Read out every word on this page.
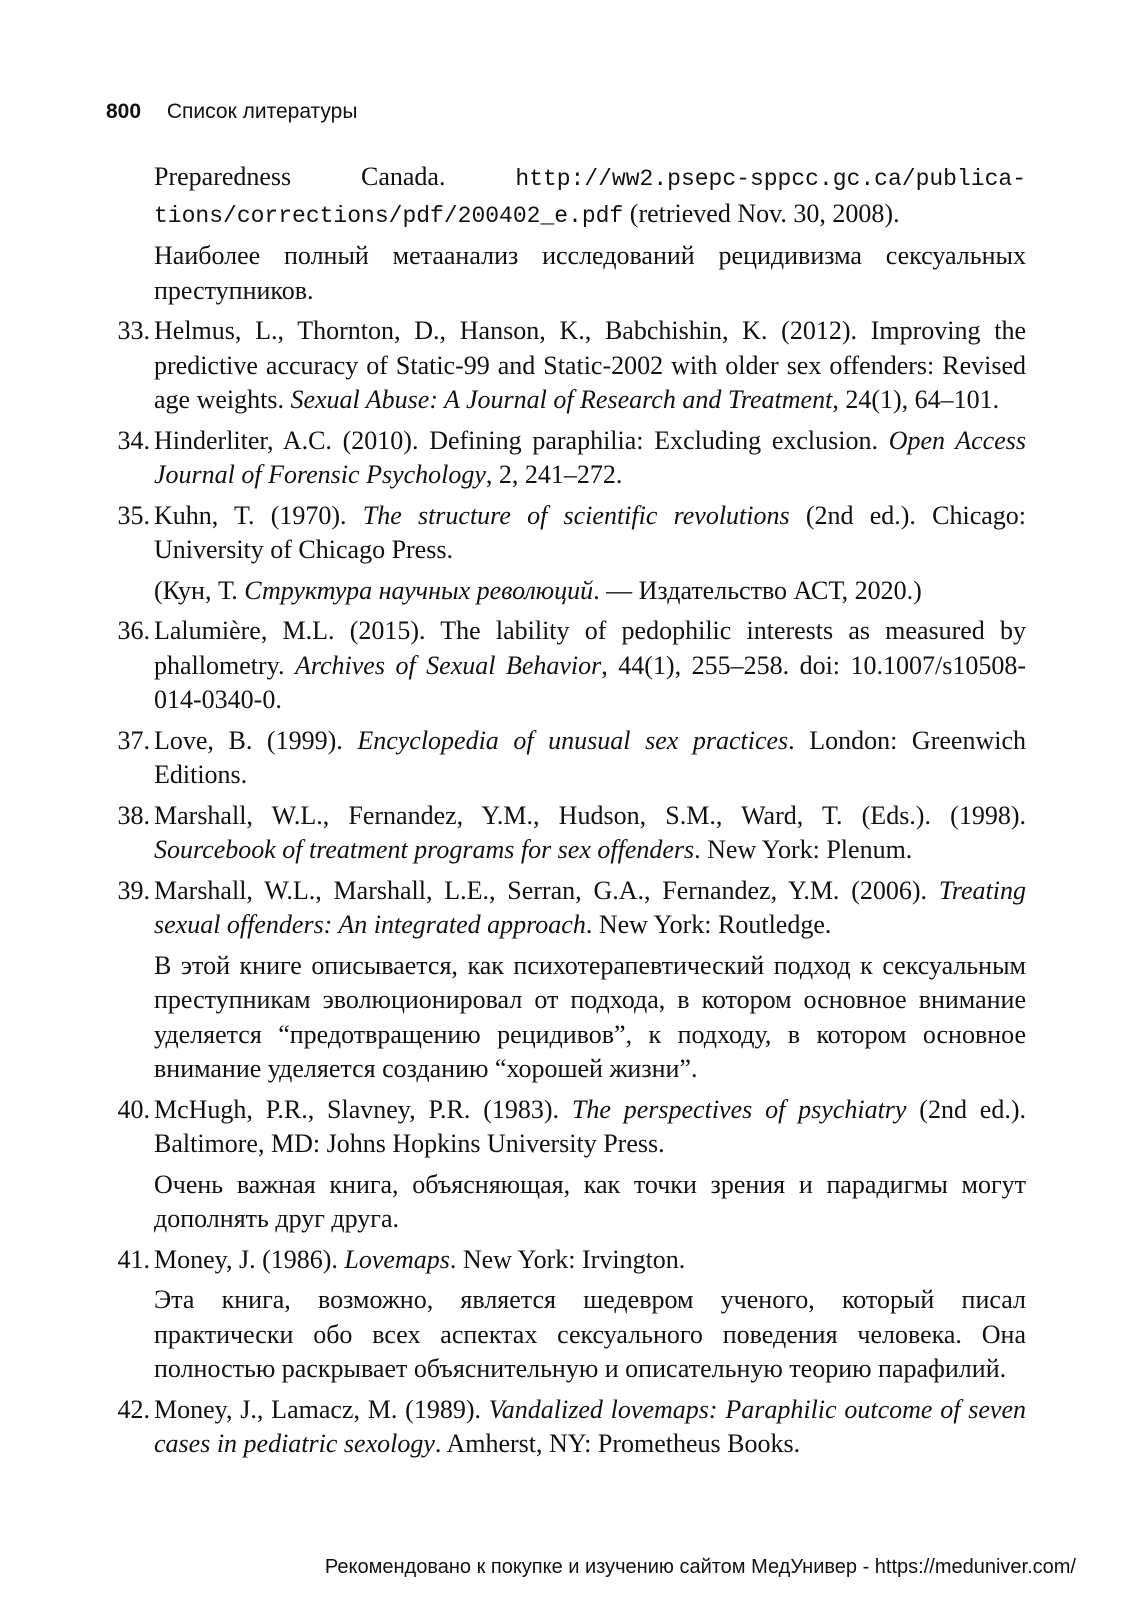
800 Список литературы
Preparedness Canada. http://ww2.psepc-sppcc.gc.ca/publica-tions/corrections/pdf/200402_e.pdf (retrieved Nov. 30, 2008).
Наиболее полный метаанализ исследований рецидивизма сексуальных преступников.
33. Helmus, L., Thornton, D., Hanson, K., Babchishin, K. (2012). Improving the predictive accuracy of Static-99 and Static-2002 with older sex offenders: Revised age weights. Sexual Abuse: A Journal of Research and Treatment, 24(1), 64–101.
34. Hinderliter, A.C. (2010). Defining paraphilia: Excluding exclusion. Open Access Journal of Forensic Psychology, 2, 241–272.
35. Kuhn, T. (1970). The structure of scientific revolutions (2nd ed.). Chicago: University of Chicago Press.
(Кун, Т. Структура научных революций. — Издательство АСТ, 2020.)
36. Lalumière, M.L. (2015). The lability of pedophilic interests as measured by phallometry. Archives of Sexual Behavior, 44(1), 255–258. doi: 10.1007/s10508-014-0340-0.
37. Love, B. (1999). Encyclopedia of unusual sex practices. London: Greenwich Editions.
38. Marshall, W.L., Fernandez, Y.M., Hudson, S.M., Ward, T. (Eds.). (1998). Sourcebook of treatment programs for sex offenders. New York: Plenum.
39. Marshall, W.L., Marshall, L.E., Serran, G.A., Fernandez, Y.M. (2006). Treating sexual offenders: An integrated approach. New York: Routledge.
В этой книге описывается, как психотерапевтический подход к сексуальным преступникам эволюционировал от подхода, в котором основное внимание уделяется “предотвращению рецидивов”, к подходу, в котором основное внимание уделяется созданию “хорошей жизни”.
40. McHugh, P.R., Slavney, P.R. (1983). The perspectives of psychiatry (2nd ed.). Baltimore, MD: Johns Hopkins University Press.
Очень важная книга, объясняющая, как точки зрения и парадигмы могут дополнять друг друга.
41. Money, J. (1986). Lovemaps. New York: Irvington.
Эта книга, возможно, является шедевром ученого, который писал практически обо всех аспектах сексуального поведения человека. Она полностью раскрывает объяснительную и описательную теорию парафилий.
42. Money, J., Lamacz, M. (1989). Vandalized lovemaps: Paraphilic outcome of seven cases in pediatric sexology. Amherst, NY: Prometheus Books.
Рекомендовано к покупке и изучению сайтом МедУнивер - https://meduniver.com/
